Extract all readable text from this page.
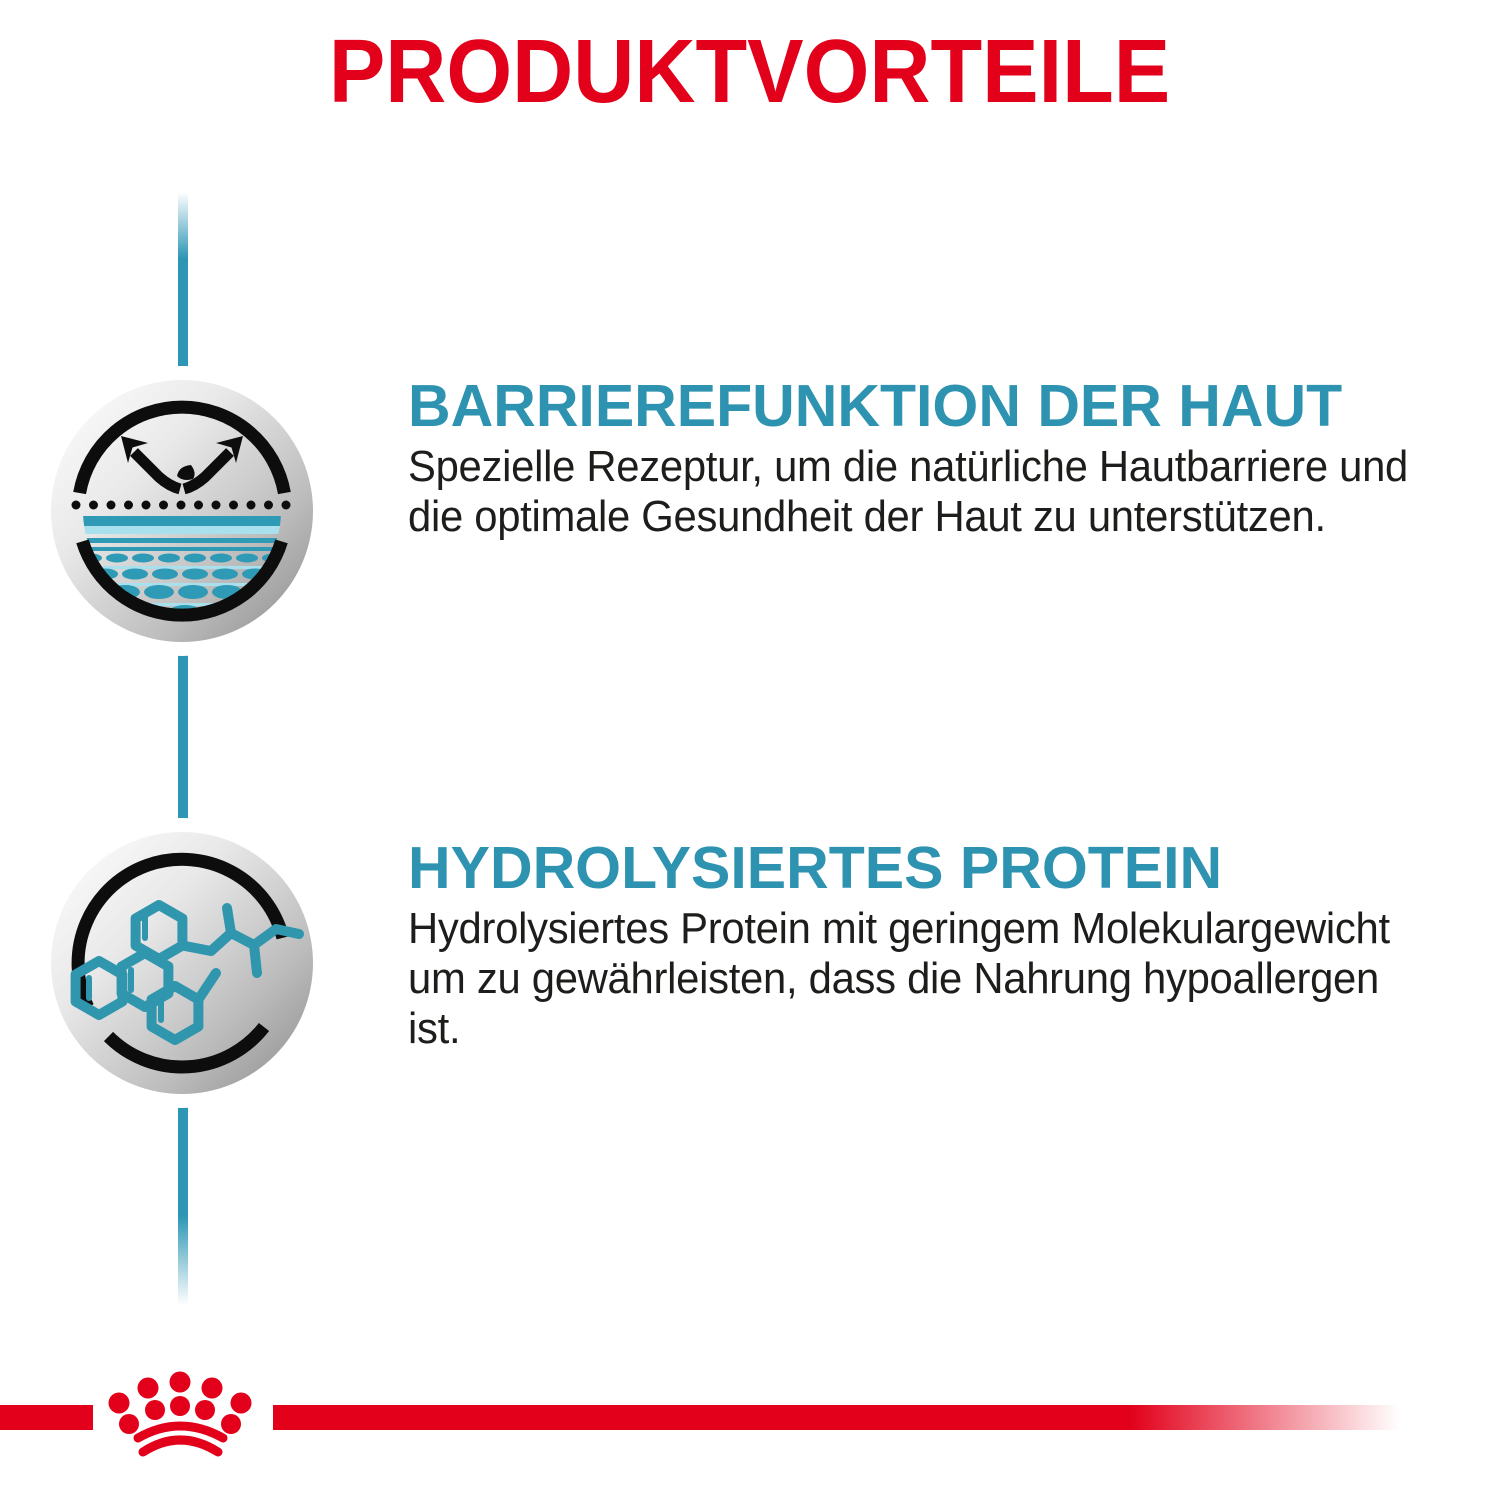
PRODUKTVORTEILE
BARRIEREFUNKTION DER HAUT

Spezielle Rezeptur, um die natürliche Hautbarriere und die optimale Gesundheit der Haut zu unterstützen.

HYDROLYSIERTES PROTEIN

Hydrolysiertes Protein mit geringem Molekulargewicht um zu gewährleisten, dass die Nahrung hypoallergen ist.
